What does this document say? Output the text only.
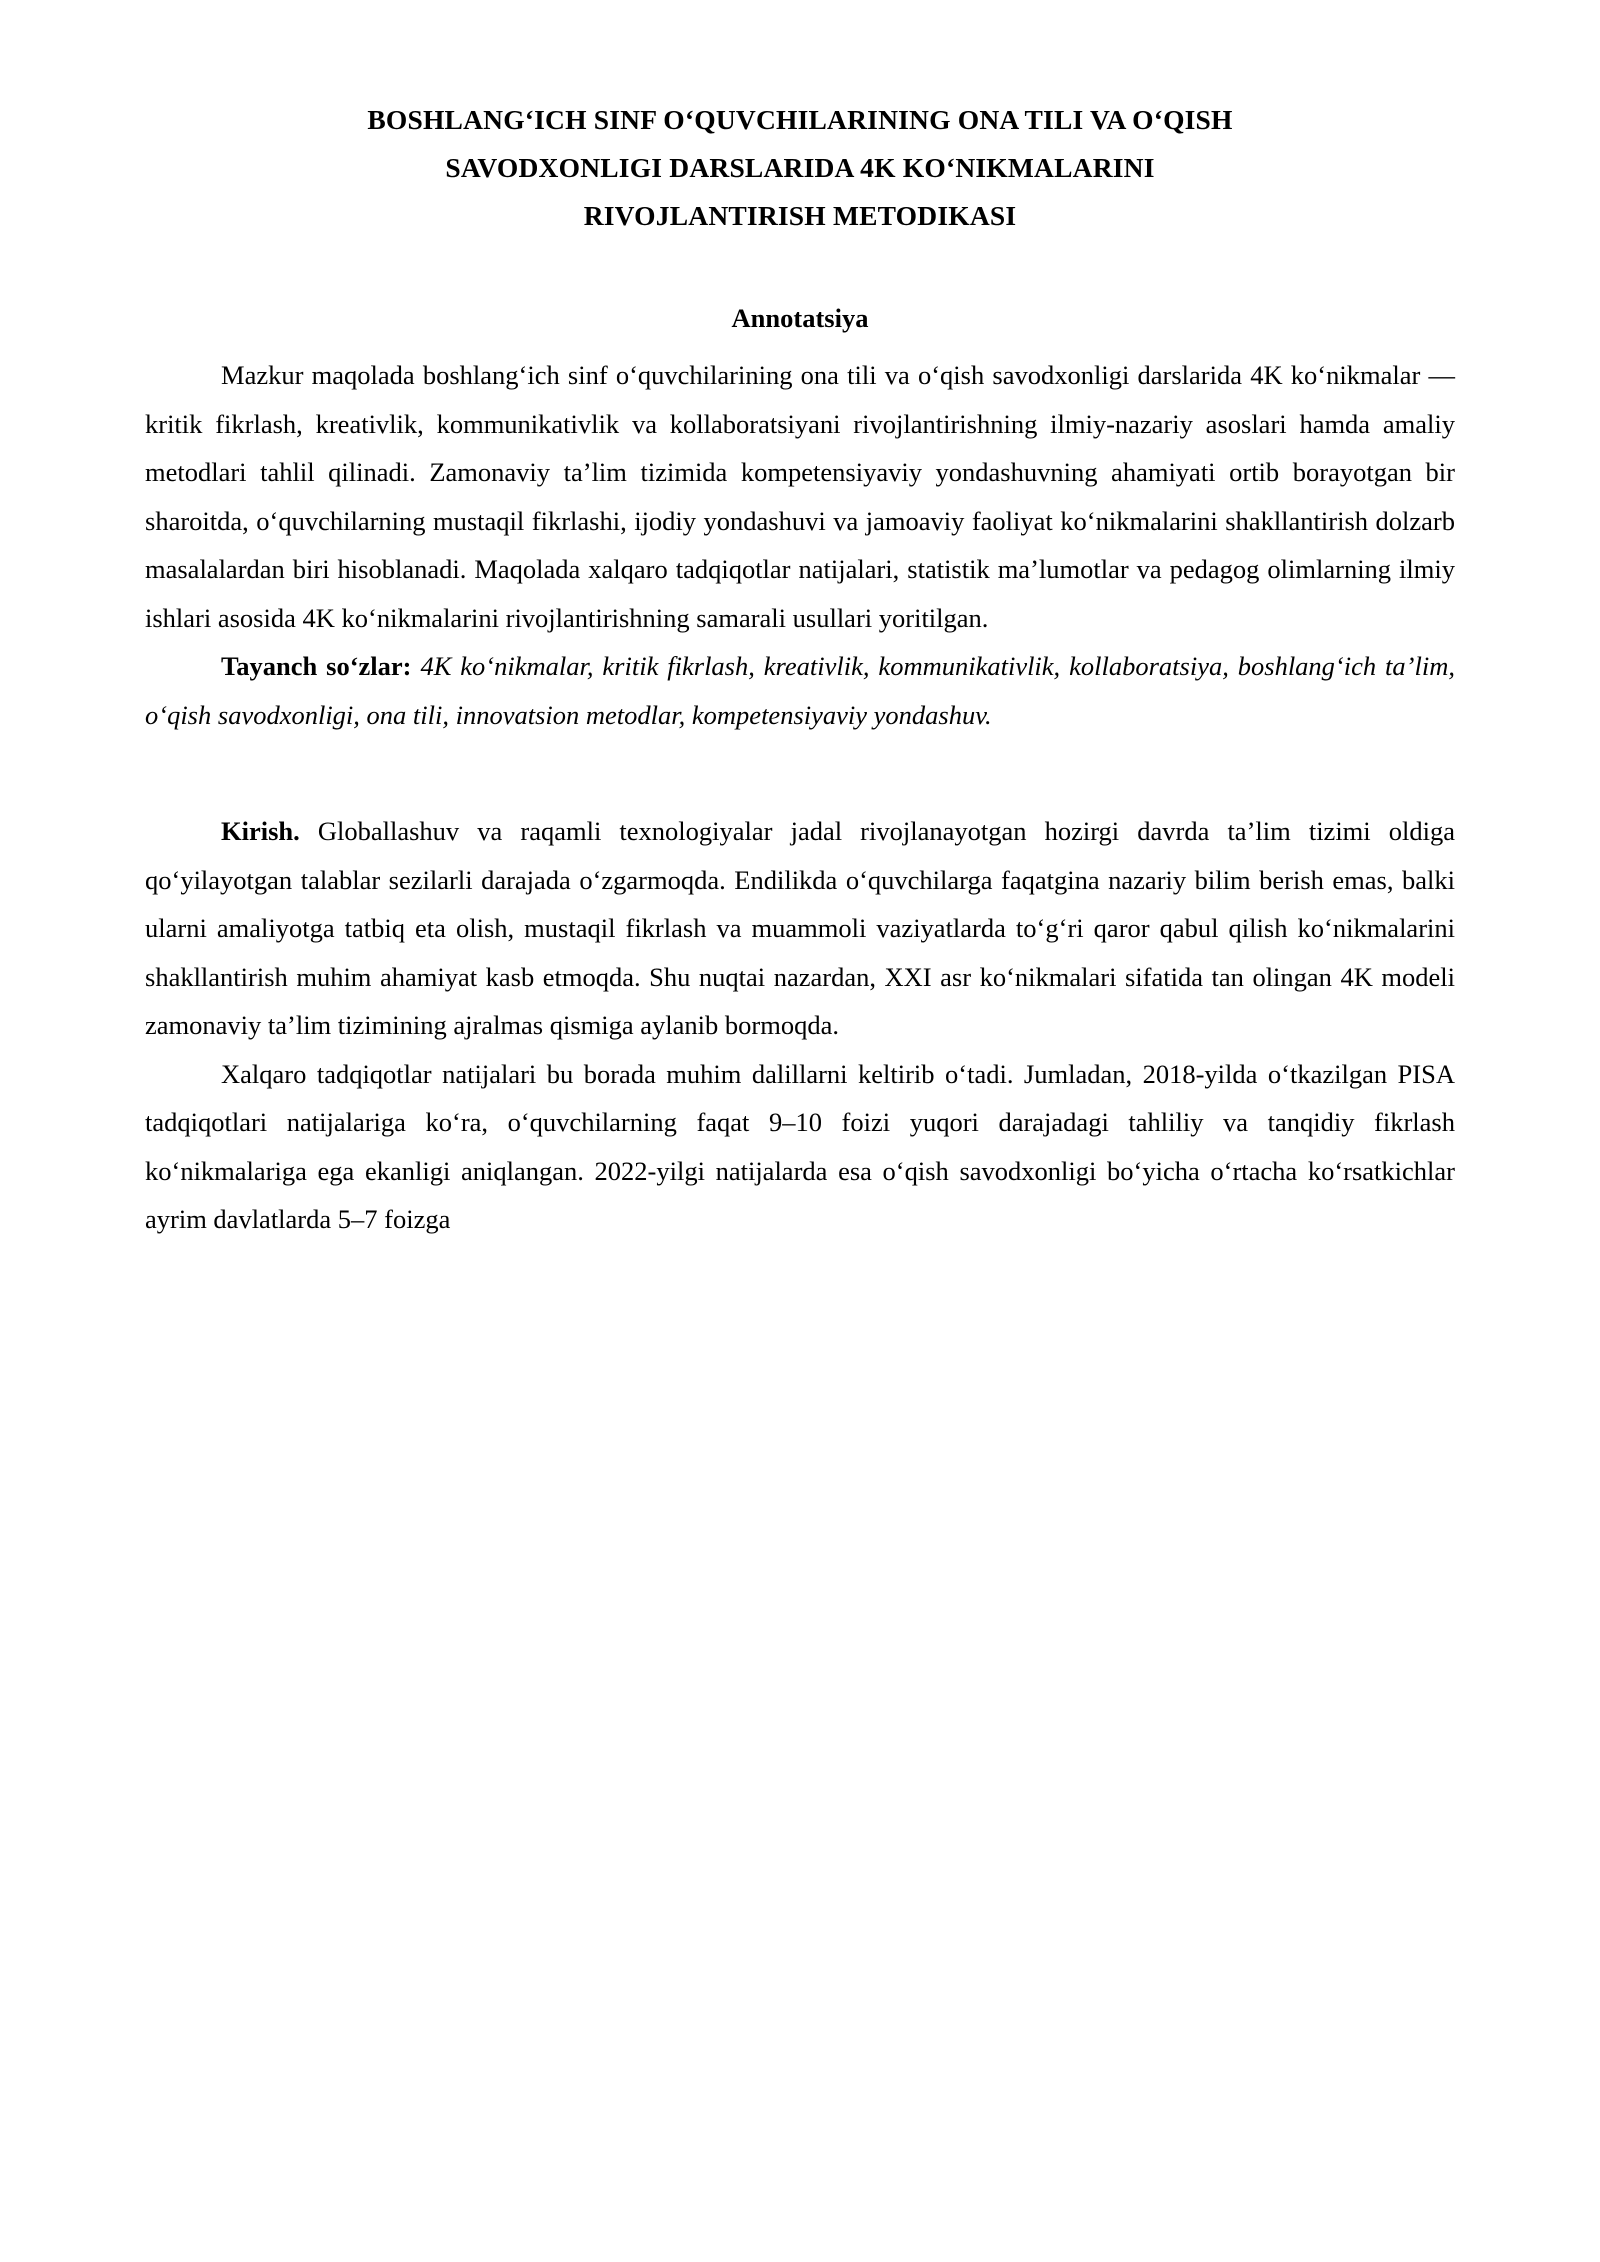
BOSHLANG‘ICH SINF O‘QUVCHILARINING ONA TILI VA O‘QISH
SAVODXONLIGI DARSLARIDA 4K KO‘NIKMALARINI
RIVOJLANTIRISH METODIKASI
Annotatsiya

Mazkur maqolada boshlang‘ich sinf o‘quvchilarining ona tili va o‘qish savodxonligi darslarida 4K ko‘nikmalar — kritik fikrlash, kreativlik, kommunikativlik va kollaboratsiyani rivojlantirishning ilmiy-nazariy asoslari hamda amaliy metodlari tahlil qilinadi. Zamonaviy ta’lim tizimida kompetensiyaviy yondashuvning ahamiyati ortib borayotgan bir sharoitda, o‘quvchilarning mustaqil fikrlashi, ijodiy yondashuvi va jamoaviy faoliyat ko‘nikmalarini shakllantirish dolzarb masalalardan biri hisoblanadi. Maqolada xalqaro tadqiqotlar natijalari, statistik ma’lumotlar va pedagog olimlarning ilmiy ishlari asosida 4K ko‘nikmalarini rivojlantirishning samarali usullari yoritilgan.

Tayanch so‘zlar: 4K ko‘nikmalar, kritik fikrlash, kreativlik, kommunikativlik, kollaboratsiya, boshlang‘ich ta’lim, o‘qish savodxonligi, ona tili, innovatsion metodlar, kompetensiyaviy yondashuv.

Kirish. Globallashuv va raqamli texnologiyalar jadal rivojlanayotgan hozirgi davrda ta’lim tizimi oldiga qo‘yilayotgan talablar sezilarli darajada o‘zgarmoqda. Endilikda o‘quvchilarga faqatgina nazariy bilim berish emas, balki ularni amaliyotga tatbiq eta olish, mustaqil fikrlash va muammoli vaziyatlarda to‘g‘ri qaror qabul qilish ko‘nikmalarini shakllantirish muhim ahamiyat kasb etmoqda. Shu nuqtai nazardan, XXI asr ko‘nikmalari sifatida tan olingan 4K modeli zamonaviy ta’lim tizimining ajralmas qismiga aylanib bormoqda.

Xalqaro tadqiqotlar natijalari bu borada muhim dalillarni keltirib o‘tadi. Jumladan, 2018-yilda o‘tkazilgan PISA tadqiqotlari natijalariga ko‘ra, o‘quvchilarning faqat 9–10 foizi yuqori darajadagi tahliliy va tanqidiy fikrlash ko‘nikmalariga ega ekanligi aniqlangan. 2022-yilgi natijalarda esa o‘qish savodxonligi bo‘yicha o‘rtacha ko‘rsatkichlar ayrim davlatlarda 5–7 foizga
